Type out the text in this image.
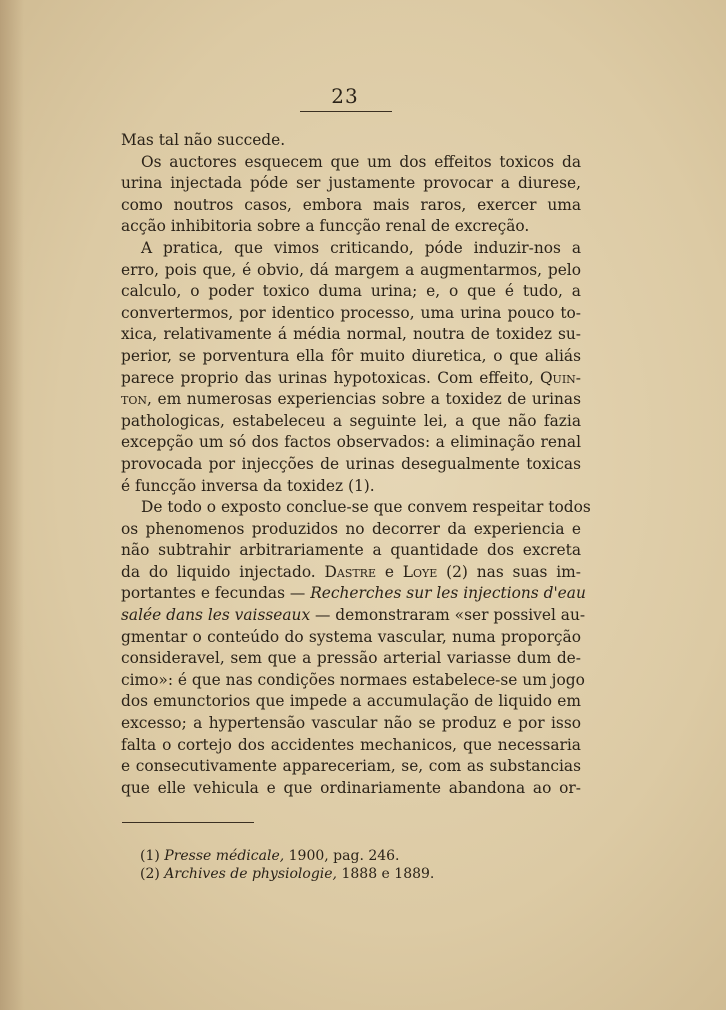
23
Mas tal não succede.
Os auctores esquecem que um dos effeitos toxicos da
urina injectada póde ser justamente provocar a diurese,
como noutros casos, embora mais raros, exercer uma
acção inhibitoria sobre a funcção renal de excreção.
A pratica, que vimos criticando, póde induzir-nos a
erro, pois que, é obvio, dá margem a augmentarmos, pelo
calculo, o poder toxico duma urina; e, o que é tudo, a
convertermos, por identico processo, uma urina pouco to-
xica, relativamente á média normal, noutra de toxidez su-
perior, se porventura ella fôr muito diuretica, o que aliás
parece proprio das urinas hypotoxicas. Com effeito, Quin-
ton, em numerosas experiencias sobre a toxidez de urinas
pathologicas, estabeleceu a seguinte lei, a que não fazia
excepção um só dos factos observados: a eliminação renal
provocada por injecções de urinas desegualmente toxicas
é funcção inversa da toxidez (1).
De todo o exposto conclue-se que convem respeitar todos
os phenomenos produzidos no decorrer da experiencia e
não subtrahir arbitrariamente a quantidade dos excreta
da do liquido injectado. Dastre e Loye (2) nas suas im-
portantes e fecundas — Recherches sur les injections d'eau
salée dans les vaisseaux — demonstraram «ser possivel au-
gmentar o conteúdo do systema vascular, numa proporção
consideravel, sem que a pressão arterial variasse dum de-
cimo»: é que nas condições normaes estabelece-se um jogo
dos emunctorios que impede a accumulação de liquido em
excesso; a hypertensão vascular não se produz e por isso
falta o cortejo dos accidentes mechanicos, que necessaria
e consecutivamente appareceriam, se, com as substancias
que elle vehicula e que ordinariamente abandona ao or-
(1) Presse médicale, 1900, pag. 246.
(2) Archives de physiologie, 1888 e 1889.
